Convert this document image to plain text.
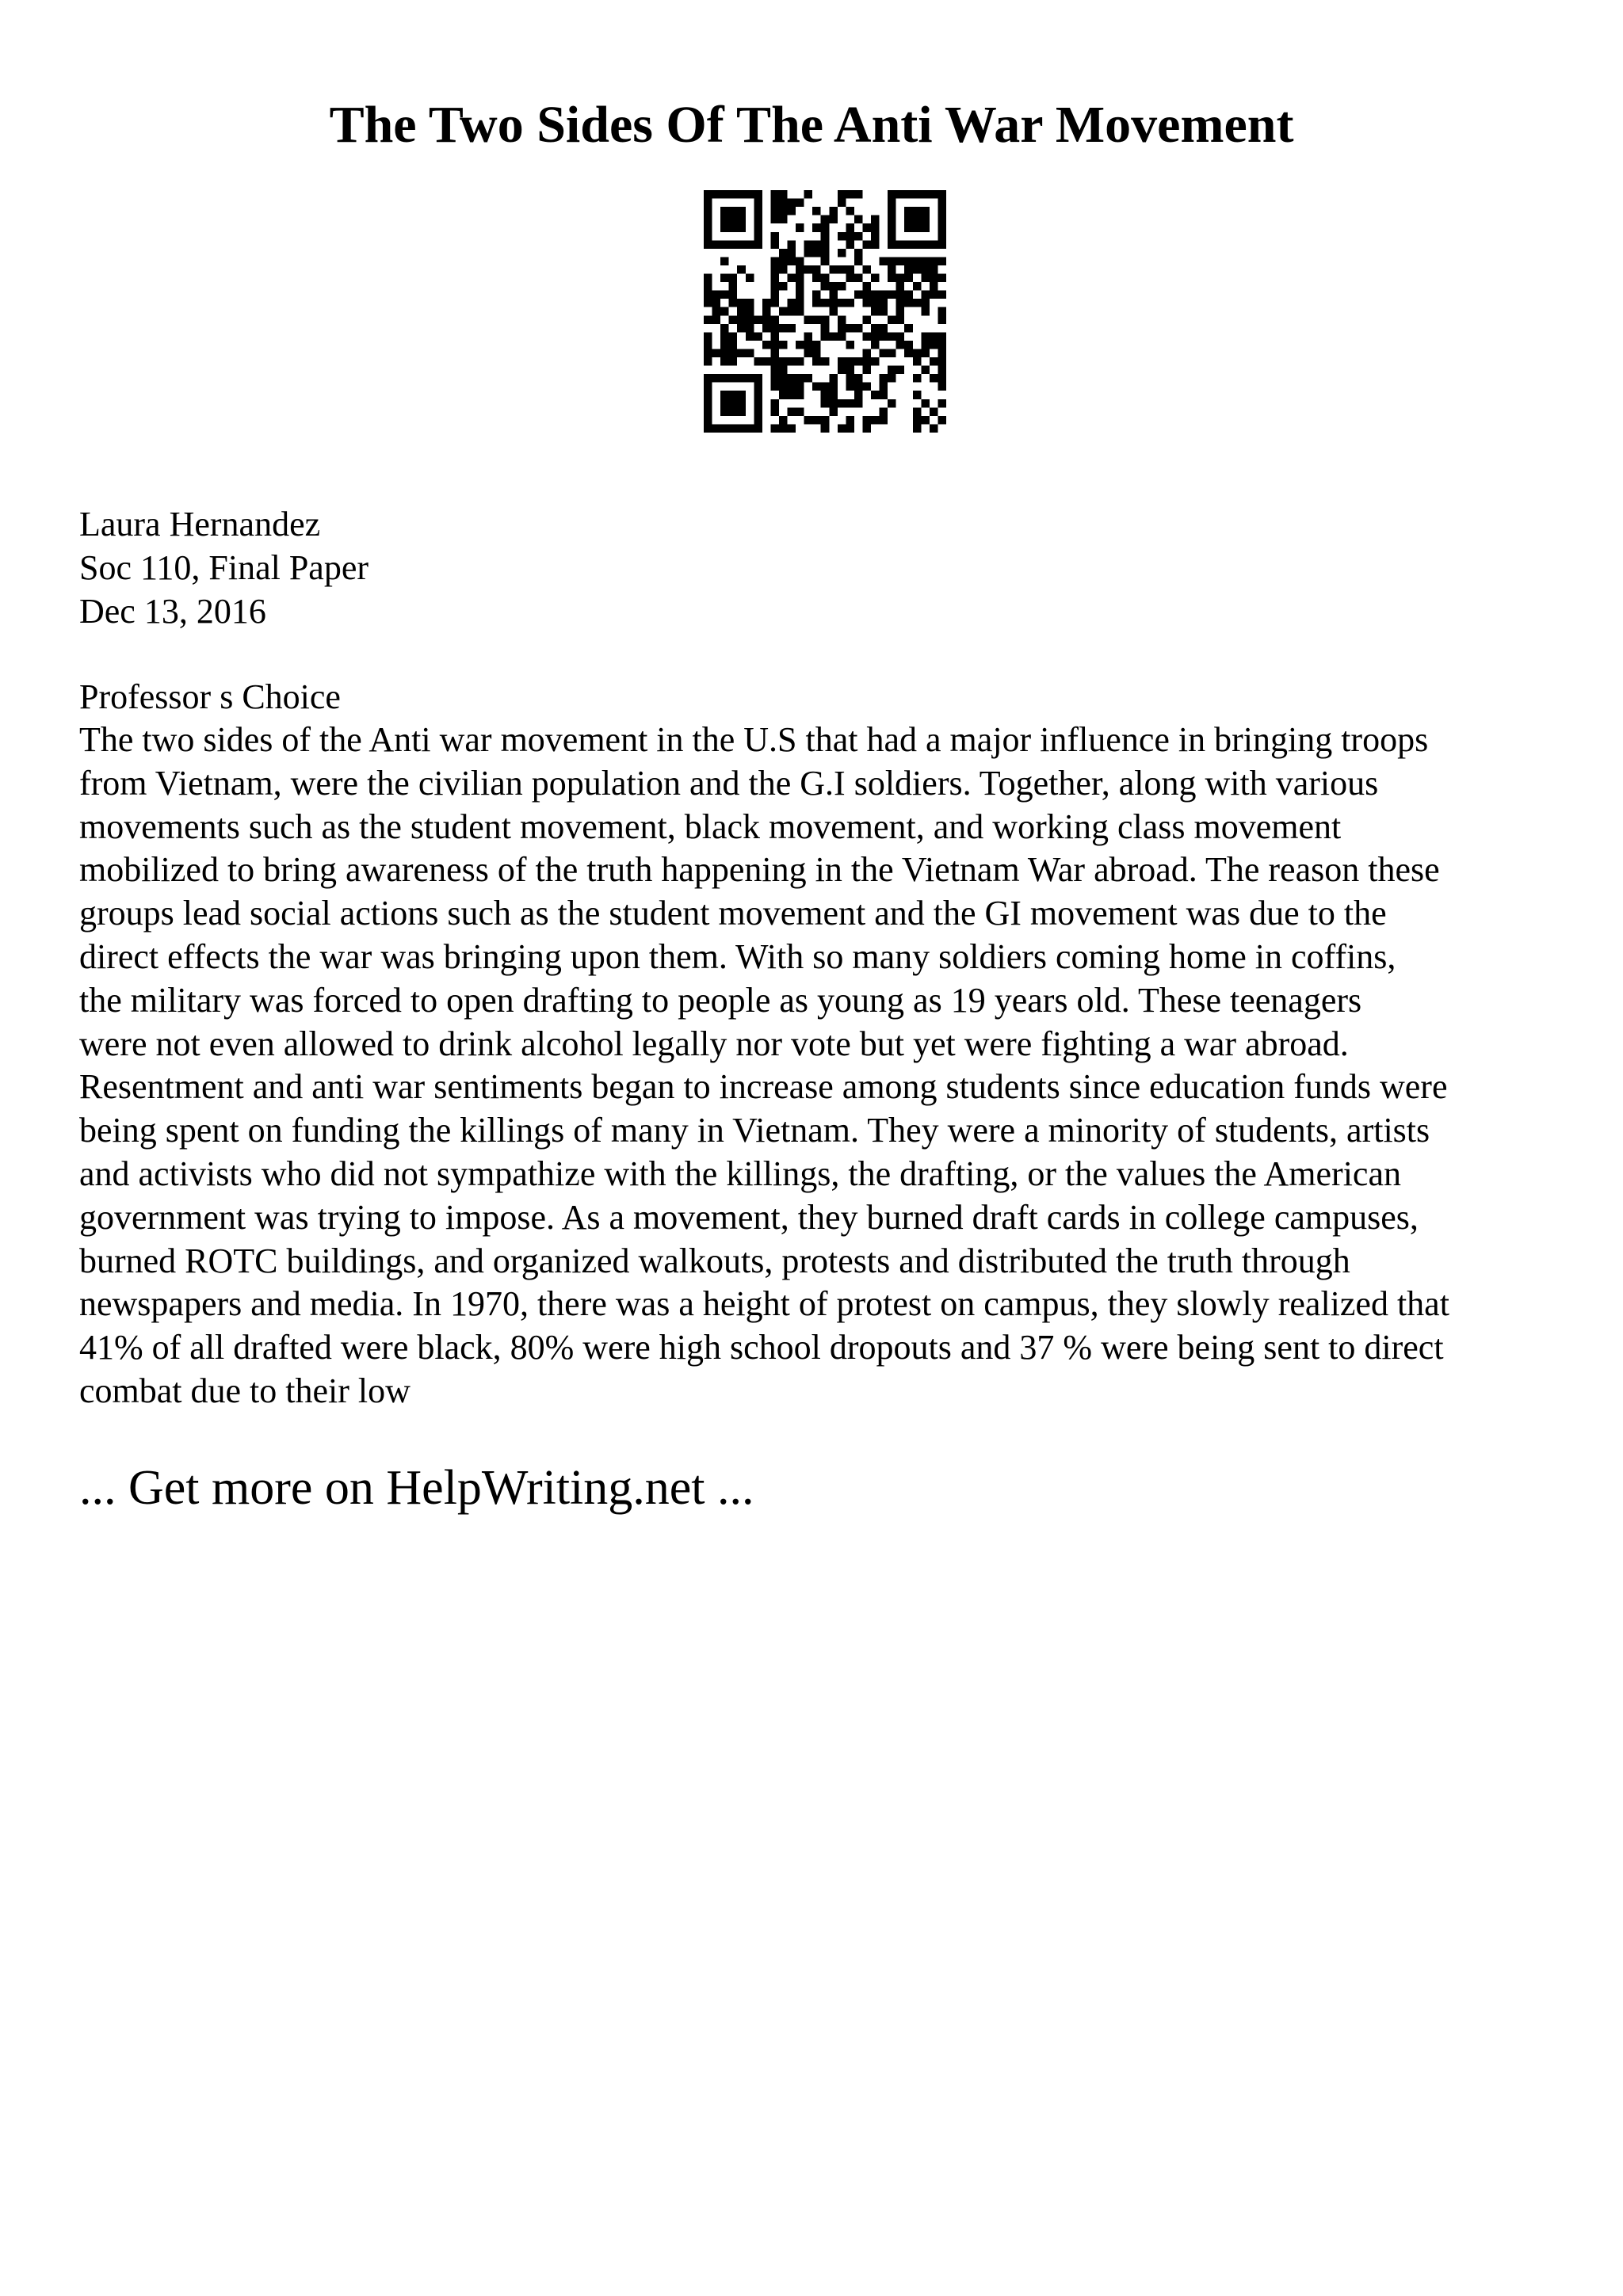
The Two Sides Of The Anti War Movement
Laura Hernandez
Soc 110, Final Paper
Dec 13, 2016
Professor s Choice
The two sides of the Anti war movement in the U.S that had a major influence in bringing troops
from Vietnam, were the civilian population and the G.I soldiers. Together, along with various
movements such as the student movement, black movement, and working class movement
mobilized to bring awareness of the truth happening in the Vietnam War abroad. The reason these
groups lead social actions such as the student movement and the GI movement was due to the
direct effects the war was bringing upon them. With so many soldiers coming home in coffins,
the military was forced to open drafting to people as young as 19 years old. These teenagers
were not even allowed to drink alcohol legally nor vote but yet were fighting a war abroad.
Resentment and anti war sentiments began to increase among students since education funds were
being spent on funding the killings of many in Vietnam. They were a minority of students, artists
and activists who did not sympathize with the killings, the drafting, or the values the American
government was trying to impose. As a movement, they burned draft cards in college campuses,
burned ROTC buildings, and organized walkouts, protests and distributed the truth through
newspapers and media. In 1970, there was a height of protest on campus, they slowly realized that
41% of all drafted were black, 80% were high school dropouts and 37 % were being sent to direct
combat due to their low
... Get more on HelpWriting.net ...
